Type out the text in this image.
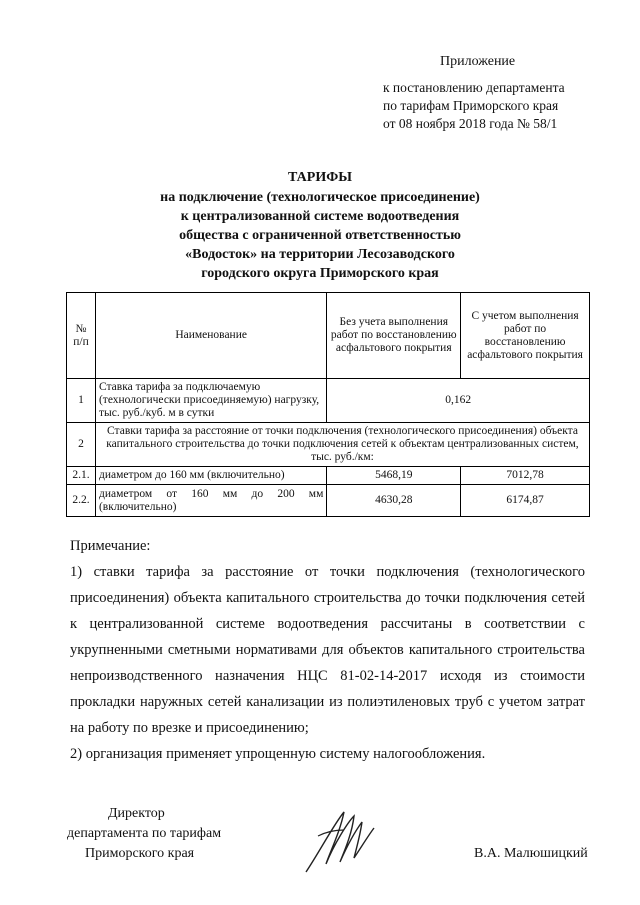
Приложение
к постановлению департамента
по тарифам Приморского края
от 08 ноября 2018 года № 58/1
ТАРИФЫ
на подключение (технологическое присоединение)
к централизованной системе водоотведения
общества с ограниченной ответственностью
«Водосток» на территории Лесозаводского
городского округа Приморского края
№ п/п	Наименование	Без учета выполнения работ по восстановлению асфальтового покрытия	С учетом выполнения работ по восстановлению асфальтового покрытия
1	Ставка тарифа за подключаемую (технологически присоединяемую) нагрузку, тыс. руб./куб. м в сутки	0,162	
2	Ставки тарифа за расстояние от точки подключения (технологического присоединения) объекта капитального строительства до точки подключения сетей к объектам централизованных систем, тыс. руб./км:		
2.1.	диаметром до 160 мм (включительно)	5468,19	7012,78
2.2.	диаметром от 160 мм до 200 мм (включительно)	4630,28	6174,87

Примечание:

1) ставки тарифа за расстояние от точки подключения (технологического присоединения) объекта капитального строительства до точки подключения сетей к централизованной системе водоотведения рассчитаны в соответствии с укрупненными сметными нормативами для объектов капитального строительства непроизводственного назначения НЦС 81-02-14-2017 исходя из стоимости прокладки наружных сетей канализации из полиэтиленовых труб с учетом затрат на работу по врезке и присоединению;

2) организация применяет упрощенную систему налогообложения.

Директор
департамента по тарифам
Приморского края	В.А. Малюшицкий
